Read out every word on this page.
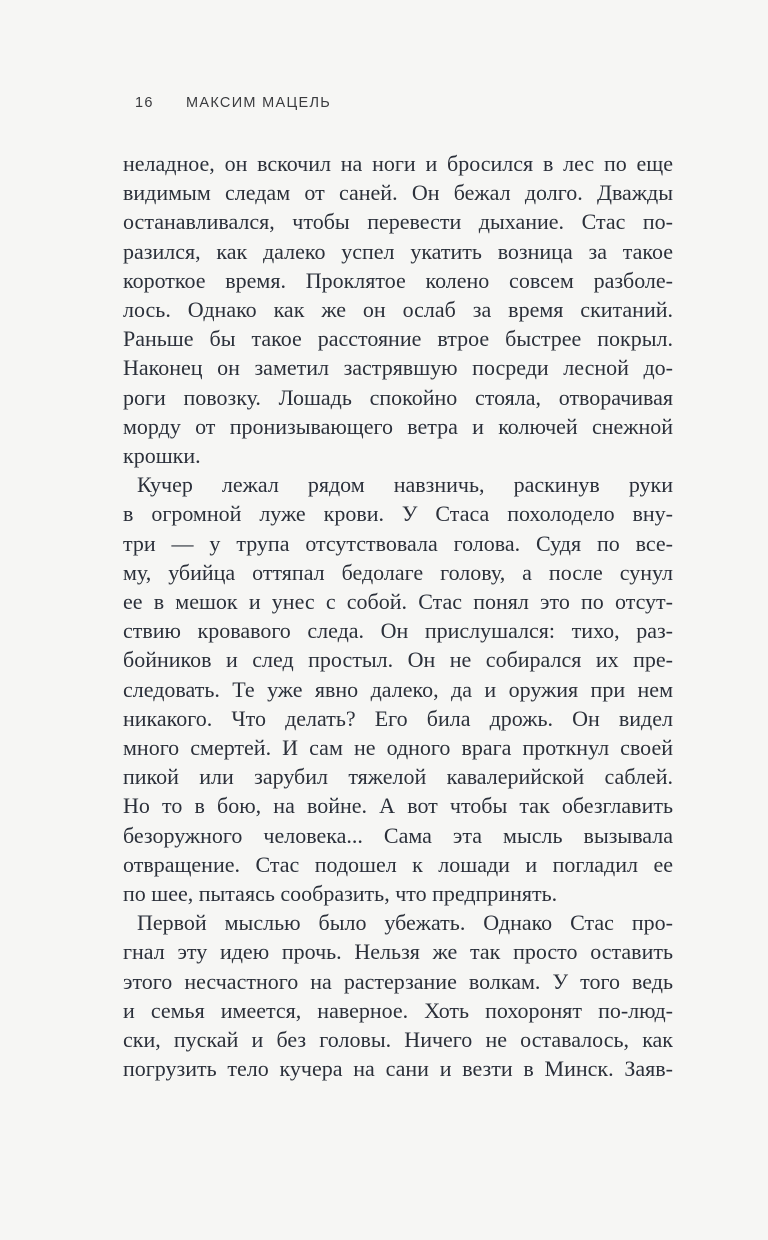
16 МАКСИМ МАЦЕЛЬ
неладное, он вскочил на ноги и бросился в лес по еще
видимым следам от саней. Он бежал долго. Дважды
останавливался, чтобы перевести дыхание. Стас по-
разился, как далеко успел укатить возница за такое
короткое время. Проклятое колено совсем разболе-
лось. Однако как же он ослаб за время скитаний.
Раньше бы такое расстояние втрое быстрее покрыл.
Наконец он заметил застрявшую посреди лесной до-
роги повозку. Лошадь спокойно стояла, отворачивая
морду от пронизывающего ветра и колючей снежной
крошки.
Кучер лежал рядом навзничь, раскинув руки
в огромной луже крови. У Стаса похолодело вну-
три — у трупа отсутствовала голова. Судя по все-
му, убийца оттяпал бедолаге голову, а после сунул
ее в мешок и унес с собой. Стас понял это по отсут-
ствию кровавого следа. Он прислушался: тихо, раз-
бойников и след простыл. Он не собирался их пре-
следовать. Те уже явно далеко, да и оружия при нем
никакого. Что делать? Его била дрожь. Он видел
много смертей. И сам не одного врага проткнул своей
пикой или зарубил тяжелой кавалерийской саблей.
Но то в бою, на войне. А вот чтобы так обезглавить
безоружного человека... Сама эта мысль вызывала
отвращение. Стас подошел к лошади и погладил ее
по шее, пытаясь сообразить, что предпринять.
Первой мыслью было убежать. Однако Стас про-
гнал эту идею прочь. Нельзя же так просто оставить
этого несчастного на растерзание волкам. У того ведь
и семья имеется, наверное. Хоть похоронят по-люд-
ски, пускай и без головы. Ничего не оставалось, как
погрузить тело кучера на сани и везти в Минск. Заяв-
